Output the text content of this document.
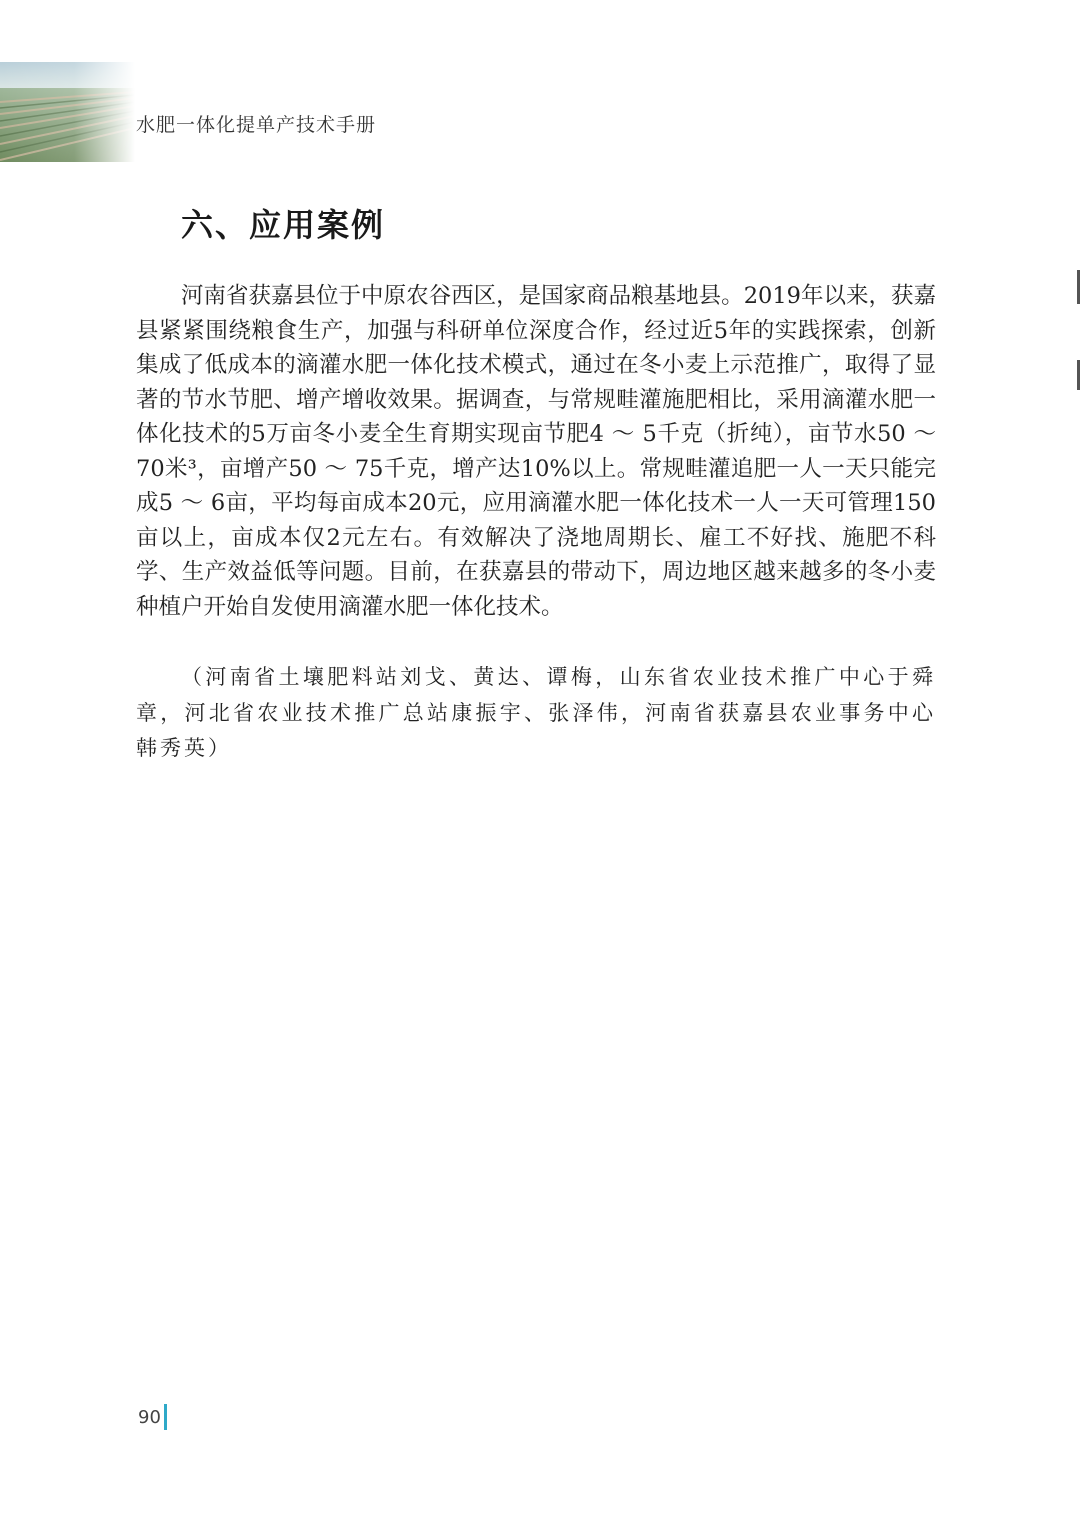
水肥一体化提单产技术手册
六、应用案例

河南省获嘉县位于中原农谷西区，是国家商品粮基地县。2019年以来，获嘉县紧紧围绕粮食生产，加强与科研单位深度合作，经过近5年的实践探索，创新集成了低成本的滴灌水肥一体化技术模式，通过在冬小麦上示范推广，取得了显著的节水节肥、增产增收效果。据调查，与常规畦灌施肥相比，采用滴灌水肥一体化技术的5万亩冬小麦全生育期实现亩节肥4 ～ 5千克（折纯），亩节水50 ～ 70米³，亩增产50 ～ 75千克，增产达10%以上。常规畦灌追肥一人一天只能完成5 ～ 6亩，平均每亩成本20元，应用滴灌水肥一体化技术一人一天可管理150亩以上，亩成本仅2元左右。有效解决了浇地周期长、雇工不好找、施肥不科学、生产效益低等问题。目前，在获嘉县的带动下，周边地区越来越多的冬小麦种植户开始自发使用滴灌水肥一体化技术。

（河南省土壤肥料站刘戈、黄达、谭梅，山东省农业技术推广中心于舜章，河北省农业技术推广总站康振宇、张泽伟，河南省获嘉县农业事务中心韩秀英）

90
